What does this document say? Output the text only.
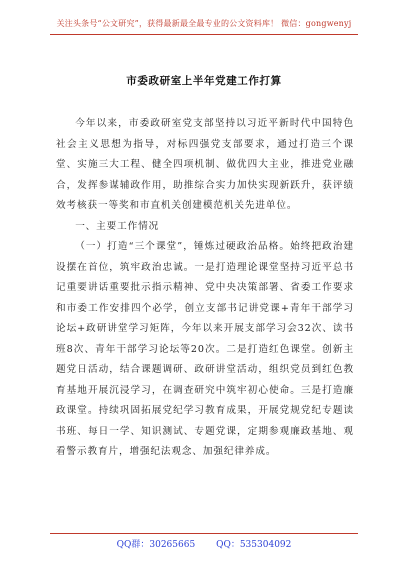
关注头条号“公文研究”，获得最新最全最专业的公文资料库！ 微信：gongwenyj
市委政研室上半年党建工作打算

今年以来，市委政研室党支部坚持以习近平新时代中国特色社会主义思想为指导，对标四强党支部要求，通过打造三个课堂、实施三大工程、健全四项机制、做优四大主业，推进党业融合，发挥参谋辅政作用，助推综合实力加快实现新跃升，获评绩效考核获一等奖和市直机关创建模范机关先进单位。

一、主要工作情况

（一）打造“三个课堂”，锤炼过硬政治品格。始终把政治建设摆在首位，筑牢政治忠诚。一是打造理论课堂坚持习近平总书记重要讲话重要批示指示精神、党中央决策部署、省委工作要求和市委工作安排四个必学，创立支部书记讲党课+青年干部学习论坛+政研讲堂学习矩阵，今年以来开展支部学习会32次、读书班8次、青年干部学习论坛等20次。二是打造红色课堂。创新主题党日活动，结合课题调研、政研讲堂活动，组织党员到红色教育基地开展沉浸学习，在调查研究中筑牢初心使命。三是打造廉政课堂。持续巩固拓展党纪学习教育成果，开展党规党纪专题读书班、每日一学、知识测试、专题党课，定期参观廉政基地、观看警示教育片，增强纪法观念、加强纪律养成。

QQ群：30265665 QQ：535304092
